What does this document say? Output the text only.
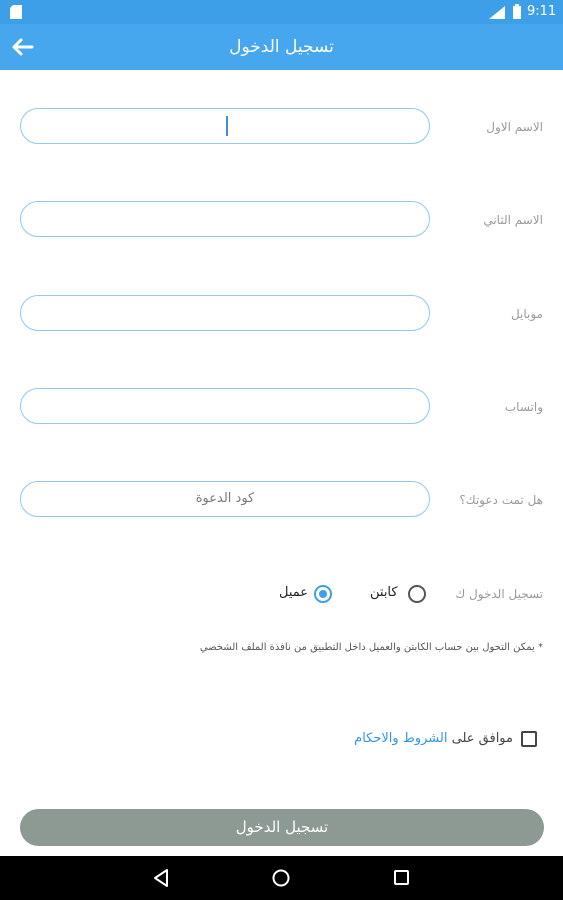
9:11
تسجيل الدخول
الاسم الاول
الاسم الثاني
موبايل
واتساب
كود الدعوة	هل تمت دعوتك؟
تسجيل الدخول ك
كابتن
عميل
* يمكن التحول بين حساب الكابتن والعميل داخل التطبيق من نافذة الملف الشخصي
موافق على الشروط والاحكام
تسجيل الدخول
